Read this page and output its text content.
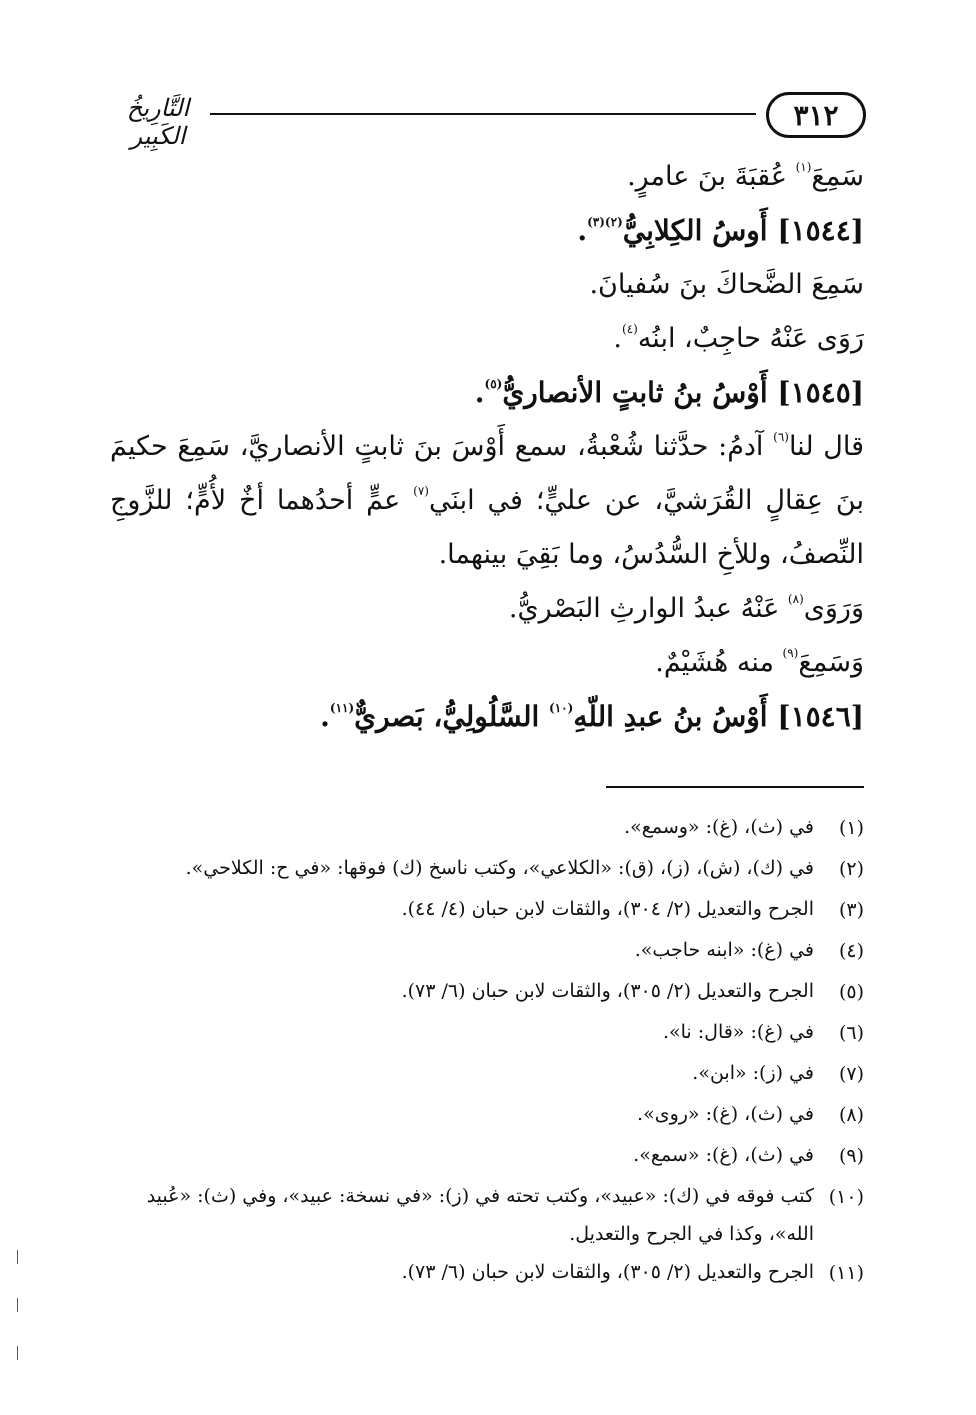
٣١٢
التَّارِيخُ الكَبِير
سَمِعَ$^{(١)}$ عُقبَةَ بنَ عامرٍ.
[١٥٤٤] أَوسُ الكِلابِيُّ$^{(٢)(٣)}$.
سَمِعَ الضَّحاكَ بنَ سُفيانَ.
رَوَى عَنْهُ حاجِبٌ، ابنُه$^{(٤)}$.
[١٥٤٥] أَوْسُ بنُ ثابتٍ الأنصاريُّ$^{(٥)}$.
قال لنا$^{(٦)}$ آدمُ: حدَّثنا شُعْبةُ، سمع أَوْسَ بنَ ثابتٍ الأنصاريَّ، سَمِعَ حكيمَ بنَ عِقالٍ القُرَشيَّ، عن عليٍّ؛ في ابنَي$^{(٧)}$ عمٍّ أحدُهما أخٌ لأُمٍّ؛ للزَّوجِ النِّصفُ، وللأخِ السُّدُسُ، وما بَقِيَ بينهما.
وَرَوَى$^{(٨)}$ عَنْهُ عبدُ الوارثِ البَصْريُّ.
وَسَمِعَ$^{(٩)}$ منه هُشَيْمٌ.
[١٥٤٦] أَوْسُ بنُ عبدِ اللّهِ$^{(١٠)}$ السَّلُولِيُّ، بَصريٌّ$^{(١١)}$.
(١)
في (ث)، (غ): «وسمع».
(٢)
في (ك)، (ش)، (ز)، (ق): «الكلاعي»، وكتب ناسخ (ك) فوقها: «في ح: الكلاحي».
(٣)
الجرح والتعديل (٢/ ٣٠٤)، والثقات لابن حبان (٤/ ٤٤).
(٤)
في (غ): «ابنه حاجب».
(٥)
الجرح والتعديل (٢/ ٣٠٥)، والثقات لابن حبان (٦/ ٧٣).
(٦)
في (غ): «قال: نا».
(٧)
في (ز): «ابن».
(٨)
في (ث)، (غ): «روى».
(٩)
في (ث)، (غ): «سمع».
(١٠)
كتب فوقه في (ك): «عبيد»، وكتب تحته في (ز): «في نسخة: عبيد»، وفي (ث): «عُبيد الله»، وكذا في الجرح والتعديل.
(١١)
الجرح والتعديل (٢/ ٣٠٥)، والثقات لابن حبان (٦/ ٧٣).
